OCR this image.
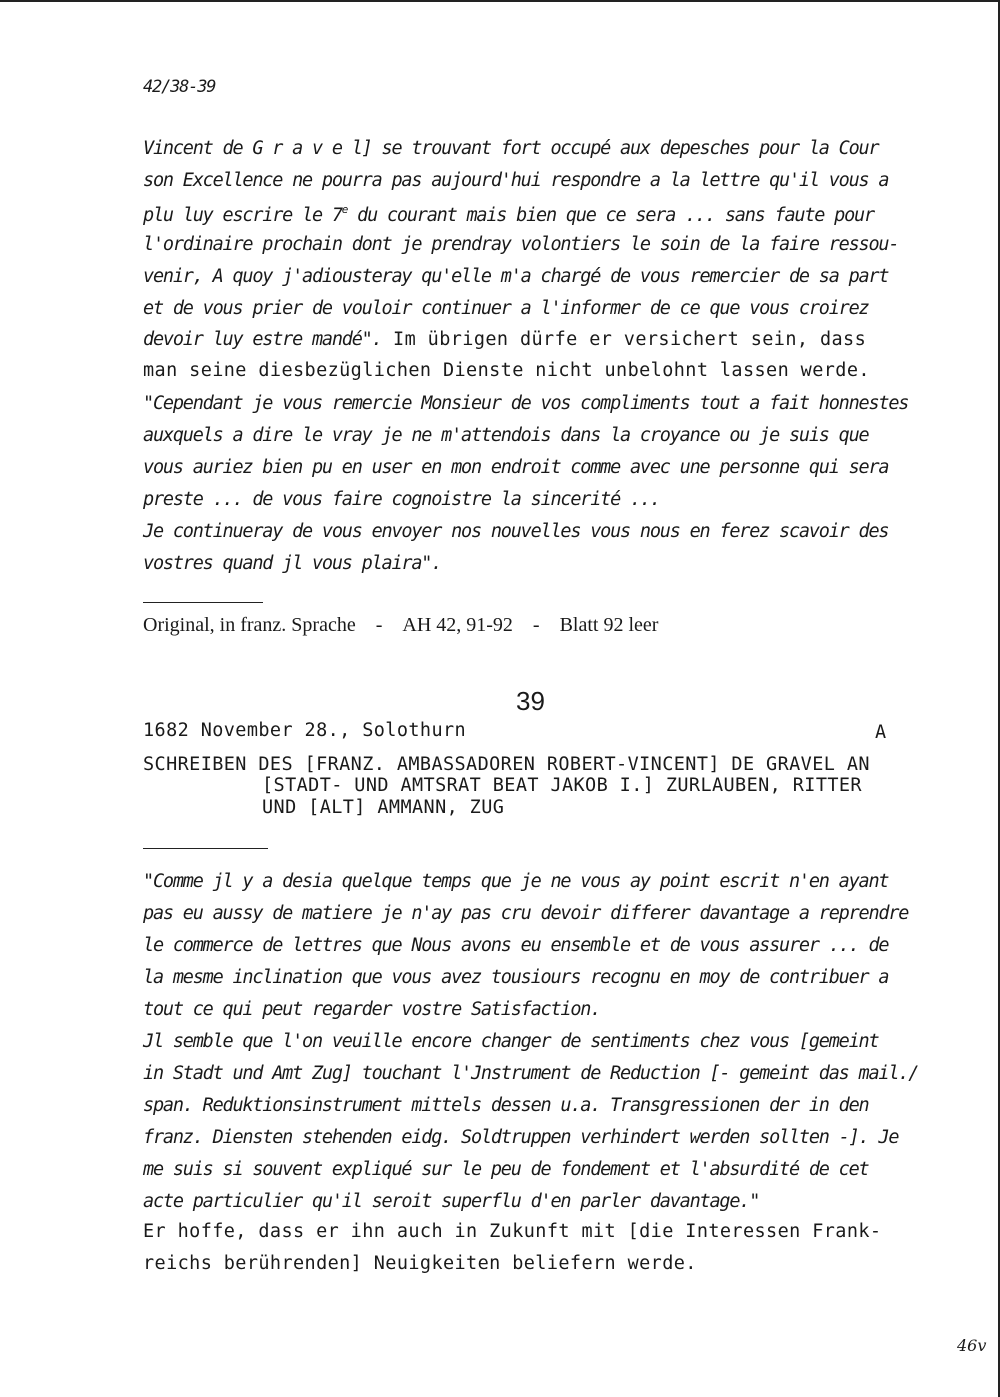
42/38-39

Vincent de G r a v e l] se trouvant fort occupé aux depesches pour la Cour

son Excellence ne pourra pas aujourd'hui respondre a la lettre qu'il vous a

plu luy escrire le 7e du courant mais bien que ce sera ... sans faute pour

l'ordinaire prochain dont je prendray volontiers le soin de la faire ressou-

venir, A quoy j'adiousteray qu'elle m'a chargé de vous remercier de sa part

et de vous prier de vouloir continuer a l'informer de ce que vous croirez

devoir luy estre mandé". Im übrigen dürfe er versichert sein, dass

man seine diesbezüglichen Dienste nicht unbelohnt lassen werde.

"Cependant je vous remercie Monsieur de vos compliments tout a fait honnestes

auxquels a dire le vray je ne m'attendois dans la croyance ou je suis que

vous auriez bien pu en user en mon endroit comme avec une personne qui sera

preste ... de vous faire cognoistre la sincerité ...

Je continueray de vous envoyer nos nouvelles vous nous en ferez scavoir des

vostres quand jl vous plaira".

Original, in franz. Sprache - AH 42, 91-92 - Blatt 92 leer

39

1682 November 28., Solothurn	A

SCHREIBEN DES [FRANZ. AMBASSADOREN ROBERT-VINCENT] DE GRAVEL AN

[STADT- UND AMTSRAT BEAT JAKOB I.] ZURLAUBEN, RITTER

UND [ALT] AMMANN, ZUG

"Comme jl y a desia quelque temps que je ne vous ay point escrit n'en ayant

pas eu aussy de matiere je n'ay pas cru devoir differer davantage a reprendre

le commerce de lettres que Nous avons eu ensemble et de vous assurer ... de

la mesme inclination que vous avez tousiours recognu en moy de contribuer a

tout ce qui peut regarder vostre Satisfaction.

Jl semble que l'on veuille encore changer de sentiments chez vous [gemeint

in Stadt und Amt Zug] touchant l'Jnstrument de Reduction [- gemeint das mail./

span. Reduktionsinstrument mittels dessen u.a. Transgressionen der in den

franz. Diensten stehenden eidg. Soldtruppen verhindert werden sollten -]. Je

me suis si souvent expliqué sur le peu de fondement et l'absurdité de cet

acte particulier qu'il seroit superflu d'en parler davantage."

Er hoffe, dass er ihn auch in Zukunft mit [die Interessen Frank-

reichs berührenden] Neuigkeiten beliefern werde.

46v
